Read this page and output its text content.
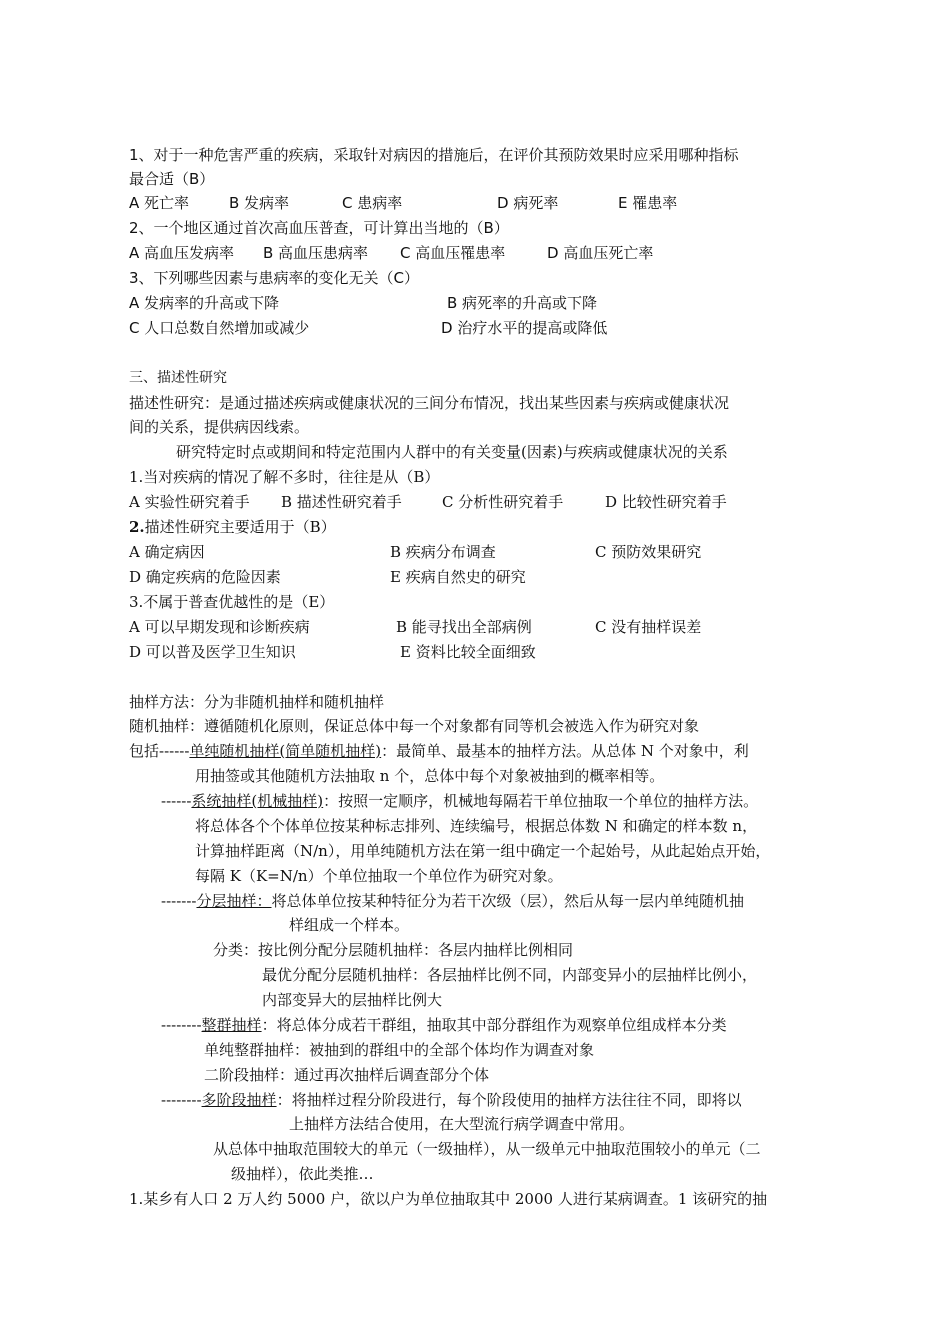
1、对于一种危害严重的疾病，采取针对病因的措施后，在评价其预防效果时应采用哪种指标
最合适（B）
A 死亡率	B 发病率	C 患病率	D 病死率	E 罹患率
2、一个地区通过首次高血压普查，可计算出当地的（B）
A 高血压发病率 B 高血压患病率 C 高血压罹患率	D 高血压死亡率
3、下列哪些因素与患病率的变化无关（C）
A 发病率的升高或下降	B 病死率的升高或下降
C 人口总数自然增加或减少	D 治疗水平的提高或降低
三、描述性研究
描述性研究：是通过描述疾病或健康状况的三间分布情况，找出某些因素与疾病或健康状况
间的关系，提供病因线索。
研究特定时点或期间和特定范围内人群中的有关变量(因素)与疾病或健康状况的关系
1.当对疾病的情况了解不多时，往往是从（B）
A 实验性研究着手 B 描述性研究着手	C 分析性研究着手	D 比较性研究着手
2.描述性研究主要适用于（B）
A 确定病因	B 疾病分布调查	C 预防效果研究
D 确定疾病的危险因素	E 疾病自然史的研究
3.不属于普查优越性的是（E）
A 可以早期发现和诊断疾病	B 能寻找出全部病例	C 没有抽样误差
D 可以普及医学卫生知识	E 资料比较全面细致
抽样方法：分为非随机抽样和随机抽样
随机抽样：遵循随机化原则，保证总体中每一个对象都有同等机会被选入作为研究对象
包括------单纯随机抽样(简单随机抽样)：最简单、最基本的抽样方法。从总体 N 个对象中，利
用抽签或其他随机方法抽取 n 个，总体中每个对象被抽到的概率相等。
------系统抽样(机械抽样)：按照一定顺序，机械地每隔若干单位抽取一个单位的抽样方法。
将总体各个个体单位按某种标志排列、连续编号，根据总体数 N 和确定的样本数 n，
计算抽样距离（N/n），用单纯随机方法在第一组中确定一个起始号，从此起始点开始，
每隔 K（K=N/n）个单位抽取一个单位作为研究对象。
-------分层抽样：将总体单位按某种特征分为若干次级（层），然后从每一层内单纯随机抽
样组成一个样本。
分类：按比例分配分层随机抽样：各层内抽样比例相同
最优分配分层随机抽样：各层抽样比例不同，内部变异小的层抽样比例小，
内部变异大的层抽样比例大
--------整群抽样：将总体分成若干群组，抽取其中部分群组作为观察单位组成样本分类
单纯整群抽样：被抽到的群组中的全部个体均作为调查对象
二阶段抽样：通过再次抽样后调查部分个体
--------多阶段抽样：将抽样过程分阶段进行，每个阶段使用的抽样方法往往不同，即将以
上抽样方法结合使用，在大型流行病学调查中常用。
从总体中抽取范围较大的单元（一级抽样），从一级单元中抽取范围较小的单元（二
级抽样），依此类推…
1.某乡有人口 2 万人约 5000 户，欲以户为单位抽取其中 2000 人进行某病调查。1 该研究的抽
